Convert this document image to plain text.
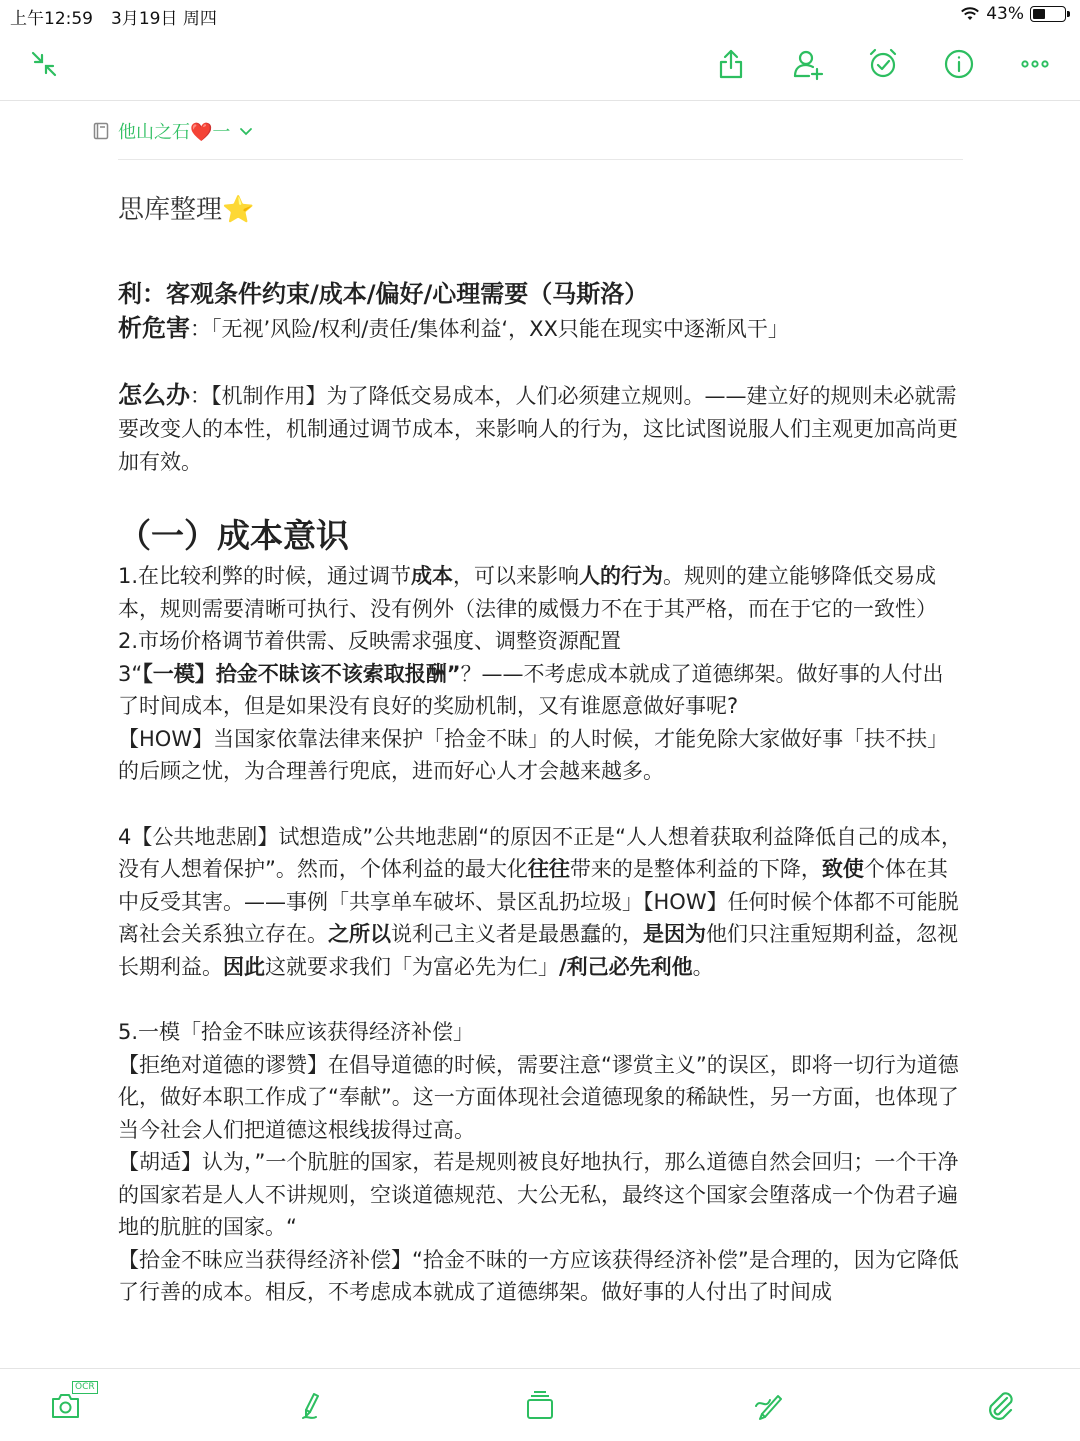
上午12:59 3月19日 周四	43%
他山之石❤️一

思库整理⭐️

利：客观条件约束/成本/偏好/心理需要（马斯洛）

析危害：「无视’风险/权利/责任/集体利益‘，XX只能在现实中逐渐风干」

怎么办：【机制作用】为了降低交易成本，人们必须建立规则。——建立好的规则未必就需要改变人的本性，机制通过调节成本，来影响人的行为，这比试图说服人们主观更加高尚更加有效。

（一）成本意识

1.在比较利弊的时候，通过调节成本，可以来影响人的行为。规则的建立能够降低交易成本，规则需要清晰可执行、没有例外（法律的威慑力不在于其严格，而在于它的一致性）

2.市场价格调节着供需、反映需求强度、调整资源配置

3“【一模】拾金不昧该不该索取报酬”？——不考虑成本就成了道德绑架。做好事的人付出了时间成本，但是如果没有良好的奖励机制，又有谁愿意做好事呢?

【HOW】当国家依靠法律来保护「拾金不昧」的人时候，才能免除大家做好事「扶不扶」的后顾之忧，为合理善行兜底，进而好心人才会越来越多。

4【公共地悲剧】试想造成”公共地悲剧“的原因不正是“人人想着获取利益降低自己的成本，没有人想着保护”。然而，个体利益的最大化往往带来的是整体利益的下降，致使个体在其中反受其害。——事例「共享单车破坏、景区乱扔垃圾」【HOW】任何时候个体都不可能脱离社会关系独立存在。之所以说利己主义者是最愚蠢的，是因为他们只注重短期利益，忽视长期利益。因此这就要求我们「为富必先为仁」/利己必先利他。

5.一模「拾金不昧应该获得经济补偿」

【拒绝对道德的谬赞】在倡导道德的时候，需要注意“谬赏主义”的误区，即将一切行为道德化，做好本职工作成了“奉献”。这一方面体现社会道德现象的稀缺性，另一方面，也体现了当今社会人们把道德这根线拔得过高。

【胡适】认为，”一个肮脏的国家，若是规则被良好地执行，那么道德自然会回归；一个干净的国家若是人人不讲规则，空谈道德规范、大公无私，最终这个国家会堕落成一个伪君子遍地的肮脏的国家。“

【拾金不昧应当获得经济补偿】“拾金不昧的一方应该获得经济补偿”是合理的，因为它降低了行善的成本。相反，不考虑成本就成了道德绑架。做好事的人付出了时间成

OCR
